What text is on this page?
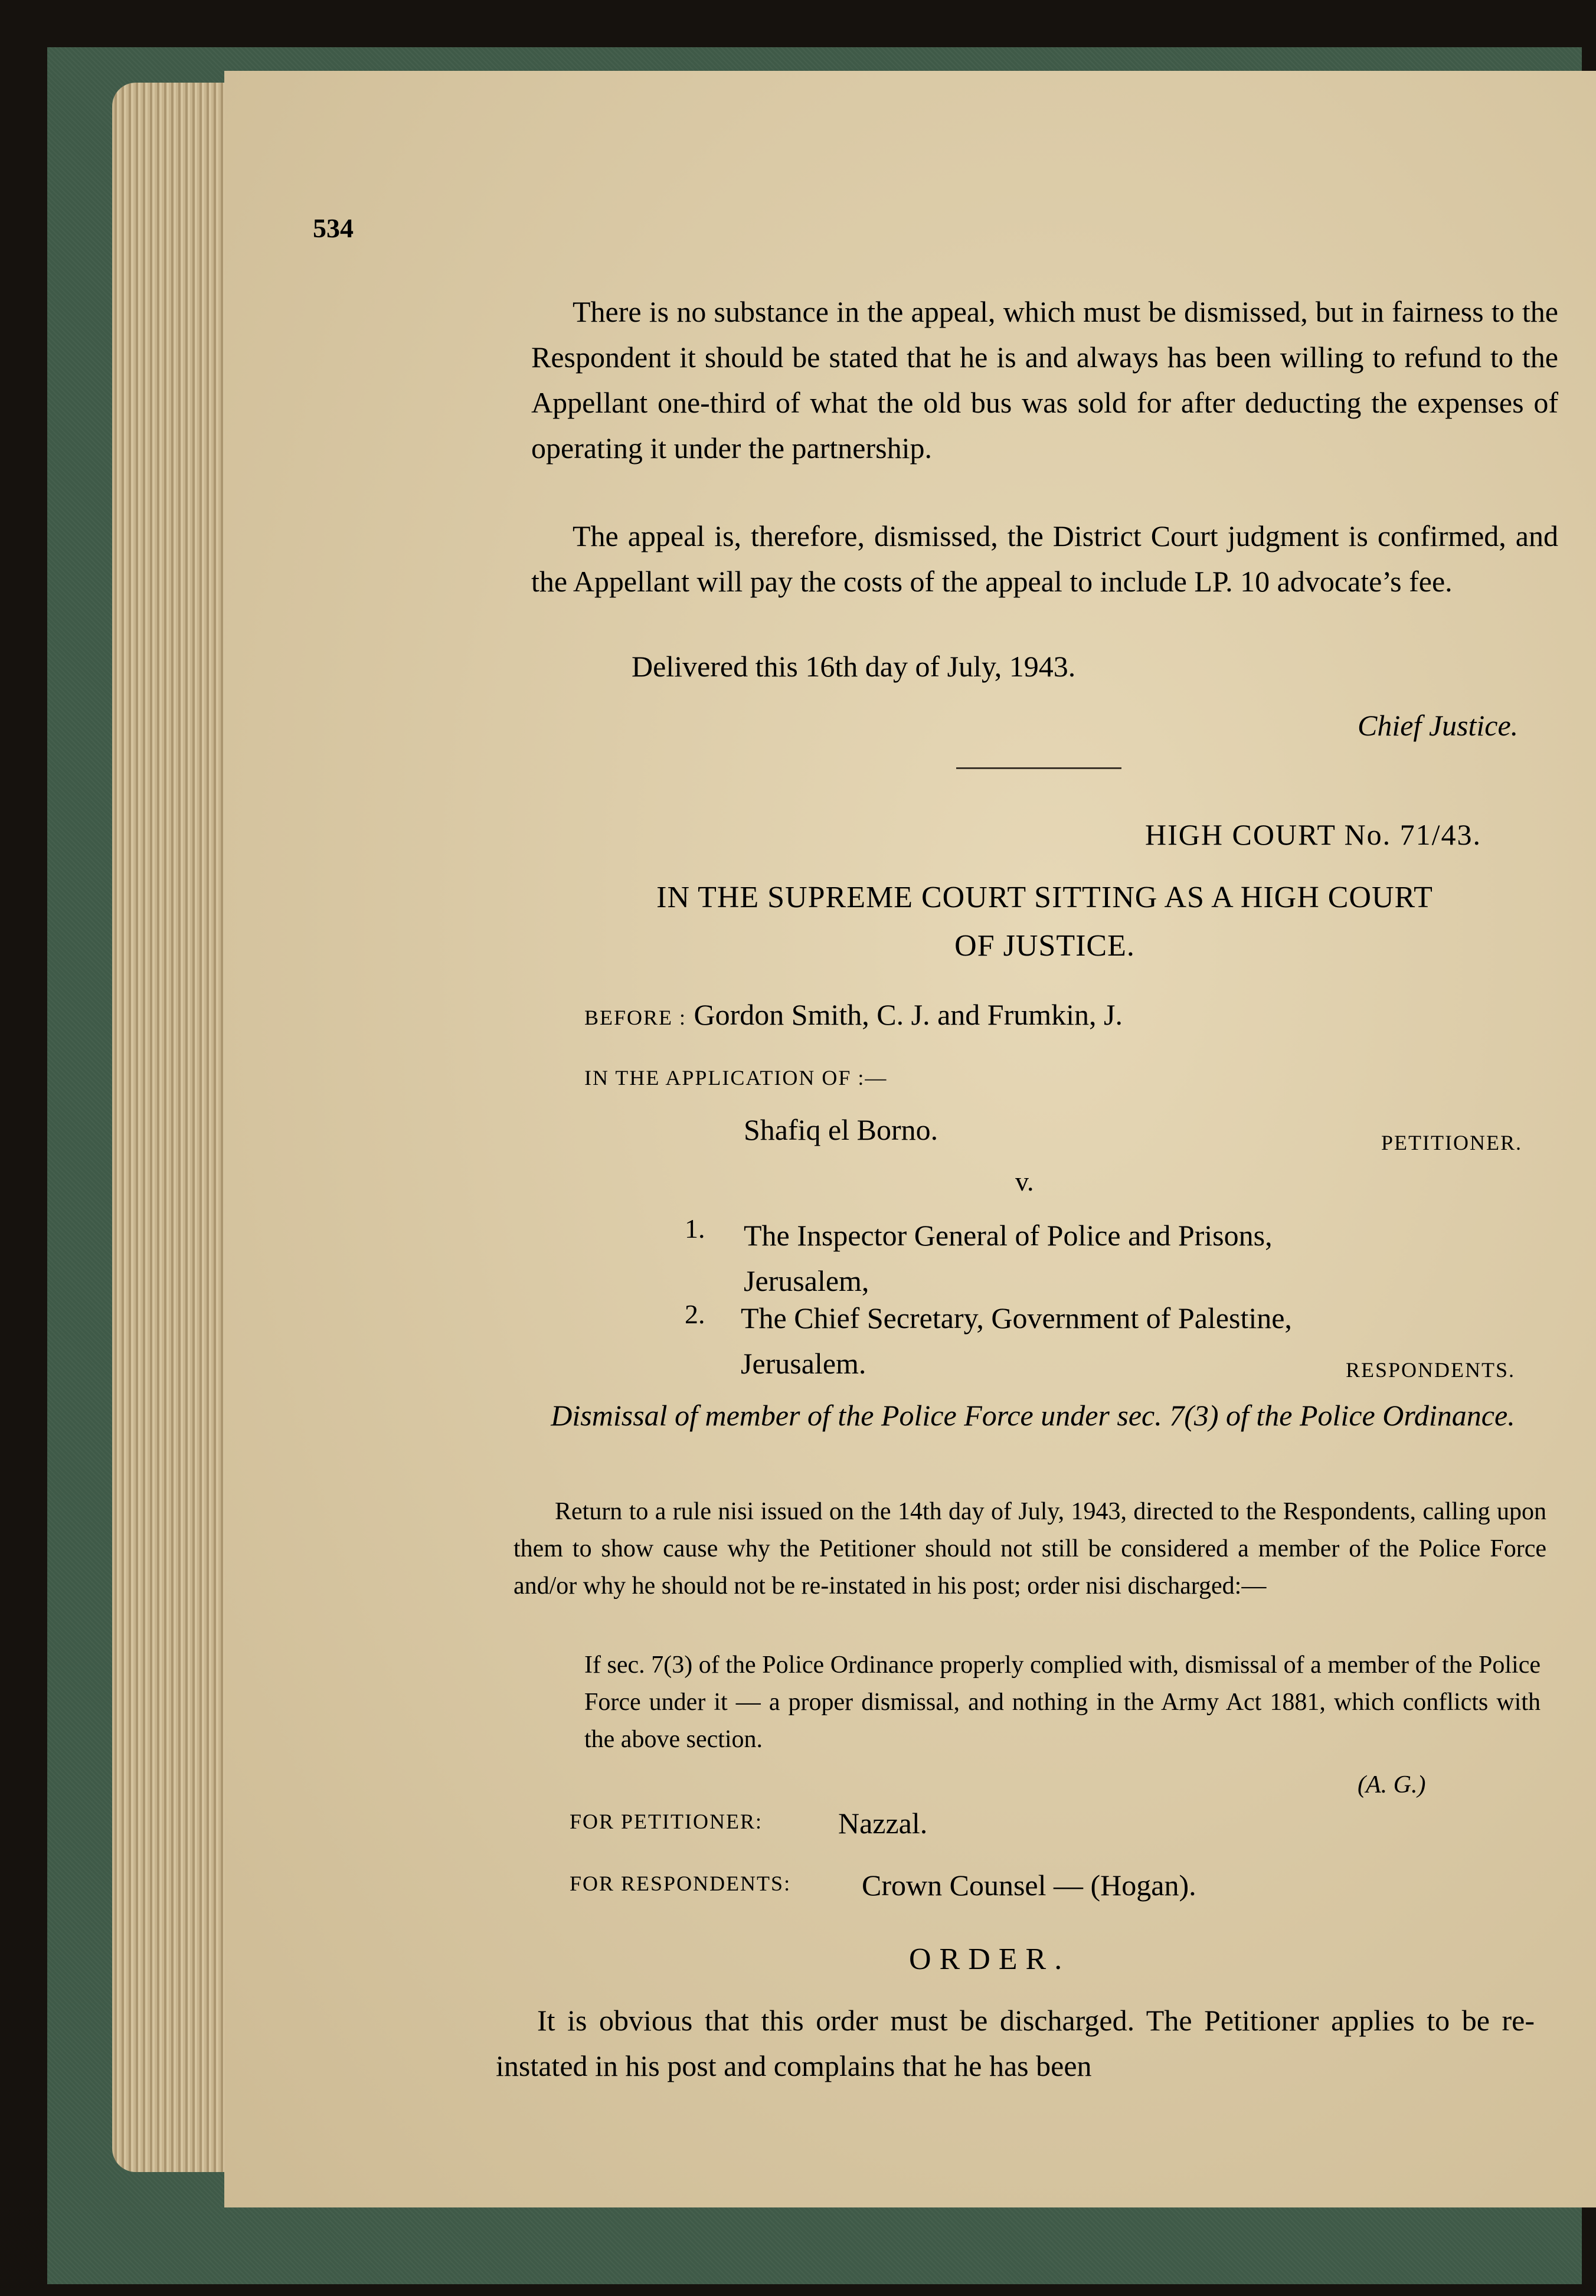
534
There is no substance in the appeal, which must be dismissed, but in fairness to the Respondent it should be stated that he is and always has been willing to refund to the Appellant one-third of what the old bus was sold for after deducting the expenses of operating it under the partnership.
The appeal is, therefore, dismissed, the District Court judgment is confirmed, and the Appellant will pay the costs of the appeal to include LP. 10 advocate’s fee.
Delivered this 16th day of July, 1943.
Chief Justice.
HIGH COURT No. 71/43.
IN THE SUPREME COURT SITTING AS A HIGH COURT
OF JUSTICE.
BEFORE : Gordon Smith, C. J. and Frumkin, J.
IN THE APPLICATION OF :—
Shafiq el Borno.	PETITIONER.
v.
1. The Inspector General of Police and Prisons, Jerusalem,
2. The Chief Secretary, Government of Palestine, Jerusalem.	RESPONDENTS.
Dismissal of member of the Police Force under sec. 7(3) of the Police Ordinance.
Return to a rule nisi issued on the 14th day of July, 1943, directed to the Respondents, calling upon them to show cause why the Petitioner should not still be considered a member of the Police Force and/or why he should not be re-instated in his post; order nisi discharged:—
If sec. 7(3) of the Police Ordinance properly complied with, dismissal of a member of the Police Force under it — a proper dismissal, and nothing in the Army Act 1881, which conflicts with the above section.
(A. G.)
FOR PETITIONER:	Nazzal.
FOR RESPONDENTS: Crown Counsel — (Hogan).
ORDER.
It is obvious that this order must be discharged. The Petitioner applies to be re-instated in his post and complains that he has been
